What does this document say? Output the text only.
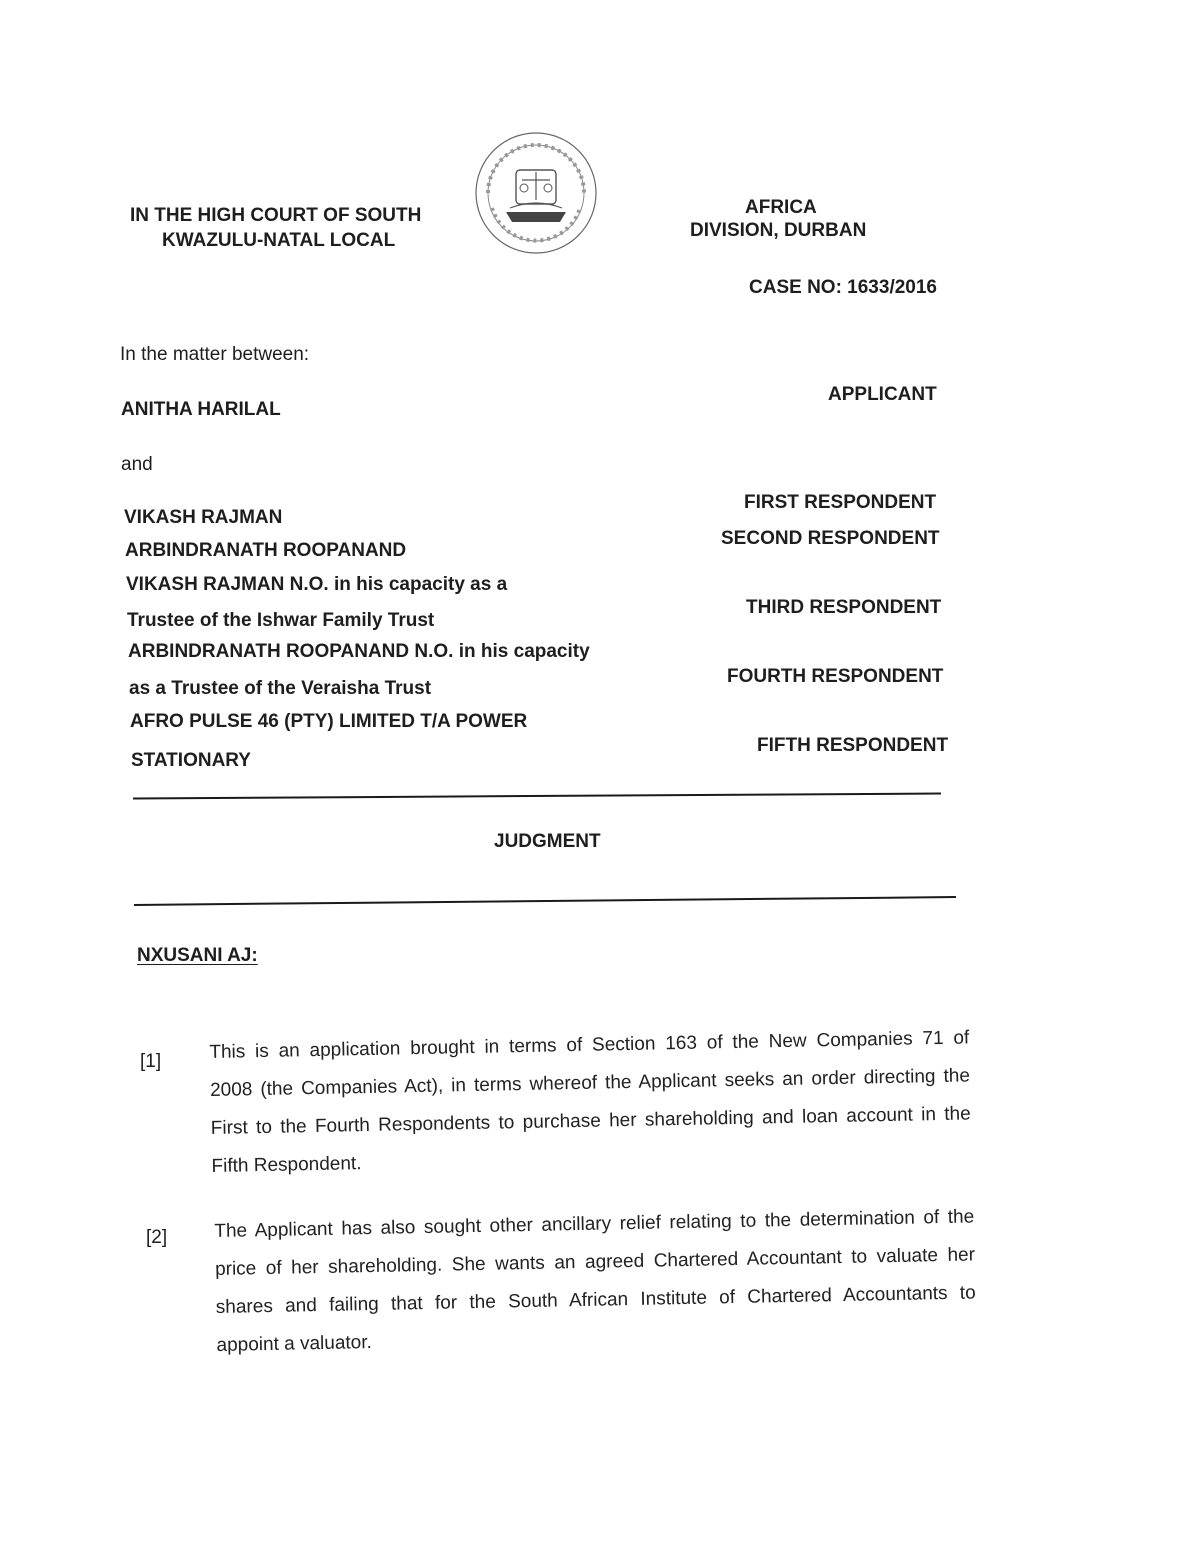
IN THE HIGH COURT OF SOUTH
KWAZULU-NATAL LOCAL
AFRICA
DIVISION, DURBAN
CASE NO: 1633/2016
In the matter between:
ANITHA HARILAL
APPLICANT
and
VIKASH RAJMAN
FIRST RESPONDENT
ARBINDRANATH ROOPANAND
SECOND RESPONDENT
VIKASH RAJMAN N.O. in his capacity as a
Trustee of the Ishwar Family Trust
THIRD RESPONDENT
ARBINDRANATH ROOPANAND N.O. in his capacity
as a Trustee of the Veraisha Trust
FOURTH RESPONDENT
AFRO PULSE 46 (PTY) LIMITED T/A POWER
STATIONARY
FIFTH RESPONDENT
JUDGMENT
NXUSANI AJ:
[1]	This is an application brought in terms of Section 163 of the New Companies 71 of
2008 (the Companies Act), in terms whereof the Applicant seeks an order directing the
First to the Fourth Respondents to purchase her shareholding and loan account in the
Fifth Respondent.
[2] The Applicant has also sought other ancillary relief relating to the determination of the
price of her shareholding. She wants an agreed Chartered Accountant to valuate her
shares and failing that for the South African Institute of Chartered Accountants to
appoint a valuator.
